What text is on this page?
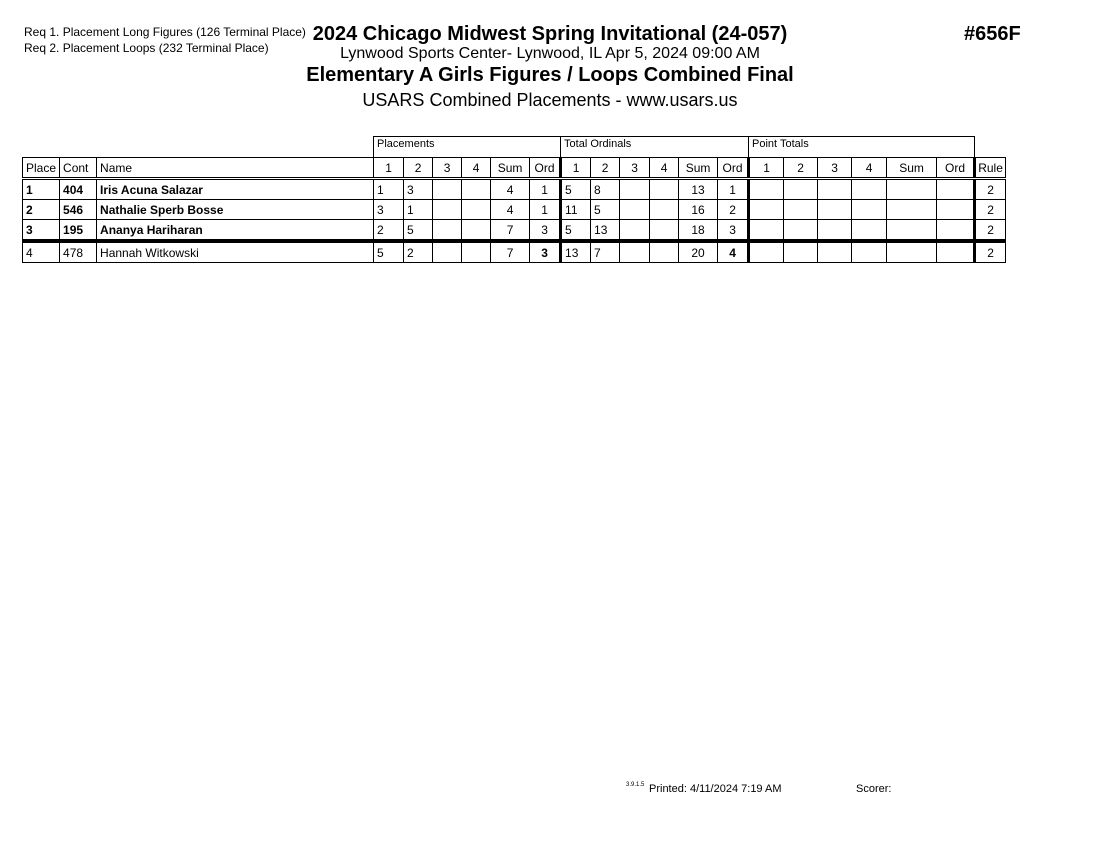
Req 1. Placement Long Figures (126 Terminal Place)
Req 2. Placement Loops (232 Terminal Place)
2024 Chicago Midwest Spring Invitational (24-057)	#656F
Lynwood Sports Center- Lynwood, IL Apr 5, 2024 09:00 AM
Elementary A Girls Figures / Loops Combined Final
USARS Combined Placements - www.usars.us
			Placements						Total Ordinals						Point Totals						
Place	Cont	Name	1	2	3	4	Sum	Ord	1	2	3	4	Sum	Ord	1	2	3	4	Sum	Ord	Rule
1	404	Iris Acuna Salazar	1	3			4	1	5	8			13	1							2
2	546	Nathalie Sperb Bosse	3	1			4	1	11	5			16	2							2
3	195	Ananya Hariharan	2	5			7	3	5	13			18	3							2
4	478	Hannah Witkowski	5	2			7	3	13	7			20	4							2
3.9.1.5 Printed: 4/11/2024 7:19 AM	Scorer:
